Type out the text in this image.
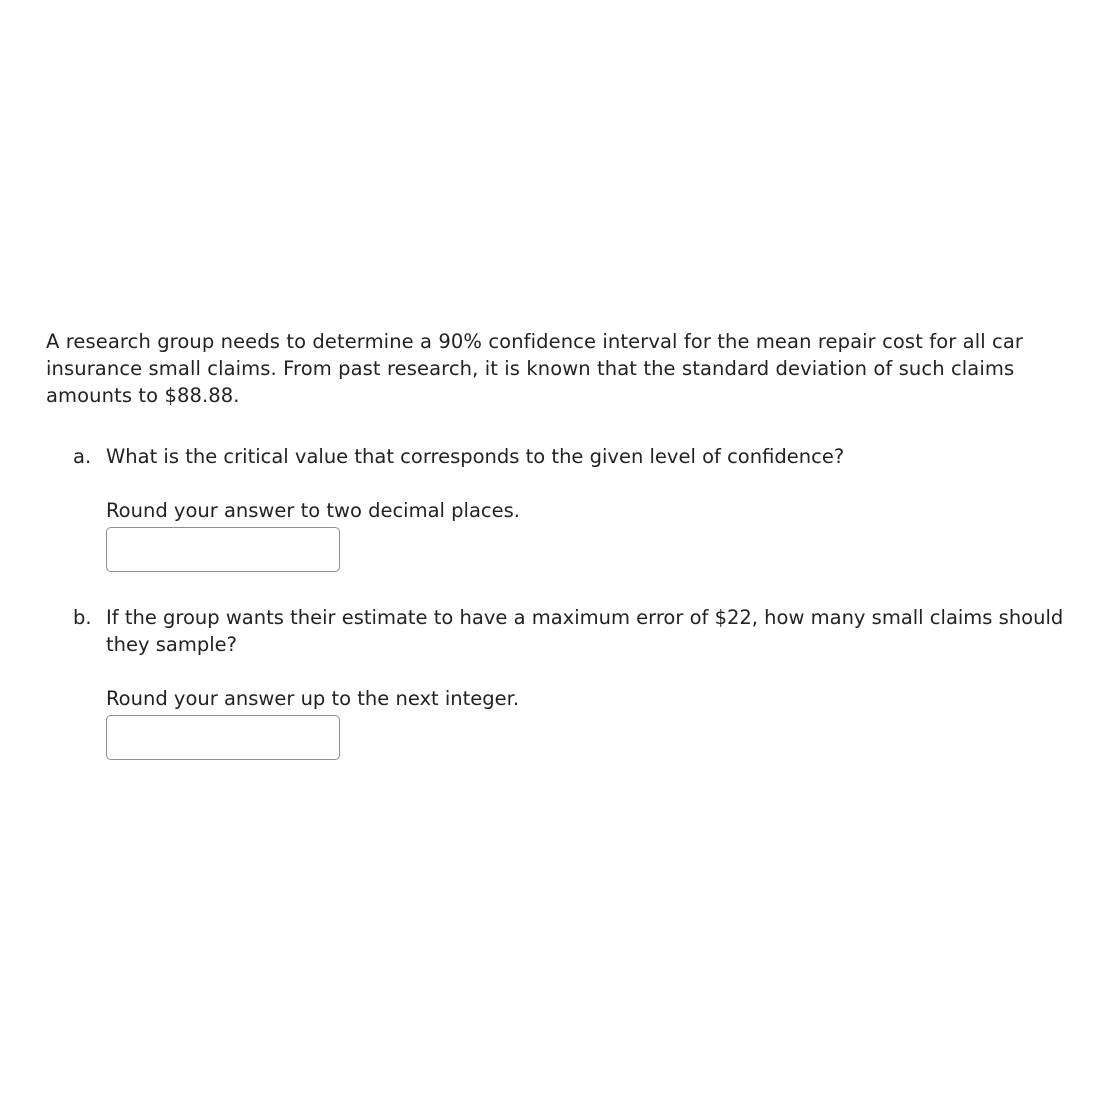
A research group needs to determine a 90% confidence interval for the mean repair cost for all car insurance small claims. From past research, it is known that the standard deviation of such claims amounts to $88.88.

a. What is the critical value that corresponds to the given level of confidence?

Round your answer to two decimal places.

b. If the group wants their estimate to have a maximum error of $22, how many small claims should they sample?

Round your answer up to the next integer.
